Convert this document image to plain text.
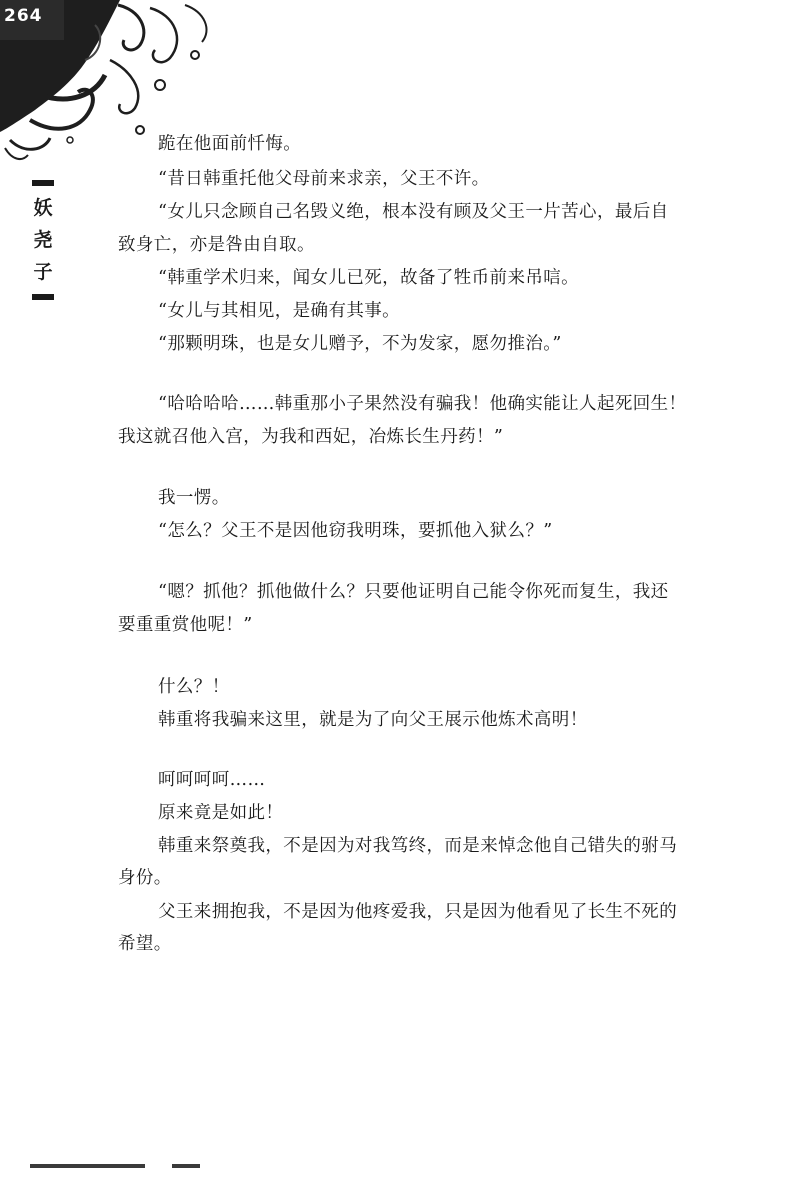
264
妖
尧
子
跪在他面前忏悔。
“昔日韩重托他父母前来求亲，父王不许。
“女儿只念顾自己名毁义绝，根本没有顾及父王一片苦心，最后自
致身亡，亦是咎由自取。
“韩重学术归来，闻女儿已死，故备了牲币前来吊唁。
“女儿与其相见，是确有其事。
“那颗明珠，也是女儿赠予，不为发家，愿勿推治。”
“哈哈哈哈……韩重那小子果然没有骗我！他确实能让人起死回生！
我这就召他入宫，为我和西妃，冶炼长生丹药！”
我一愣。
“怎么？父王不是因他窃我明珠，要抓他入狱么？”
“嗯？抓他？抓他做什么？只要他证明自己能令你死而复生，我还
要重重赏他呢！”
什么？！
韩重将我骗来这里，就是为了向父王展示他炼术高明！
呵呵呵呵……
原来竟是如此！
韩重来祭奠我，不是因为对我笃终，而是来悼念他自己错失的驸马
身份。
父王来拥抱我，不是因为他疼爱我，只是因为他看见了长生不死的
希望。
